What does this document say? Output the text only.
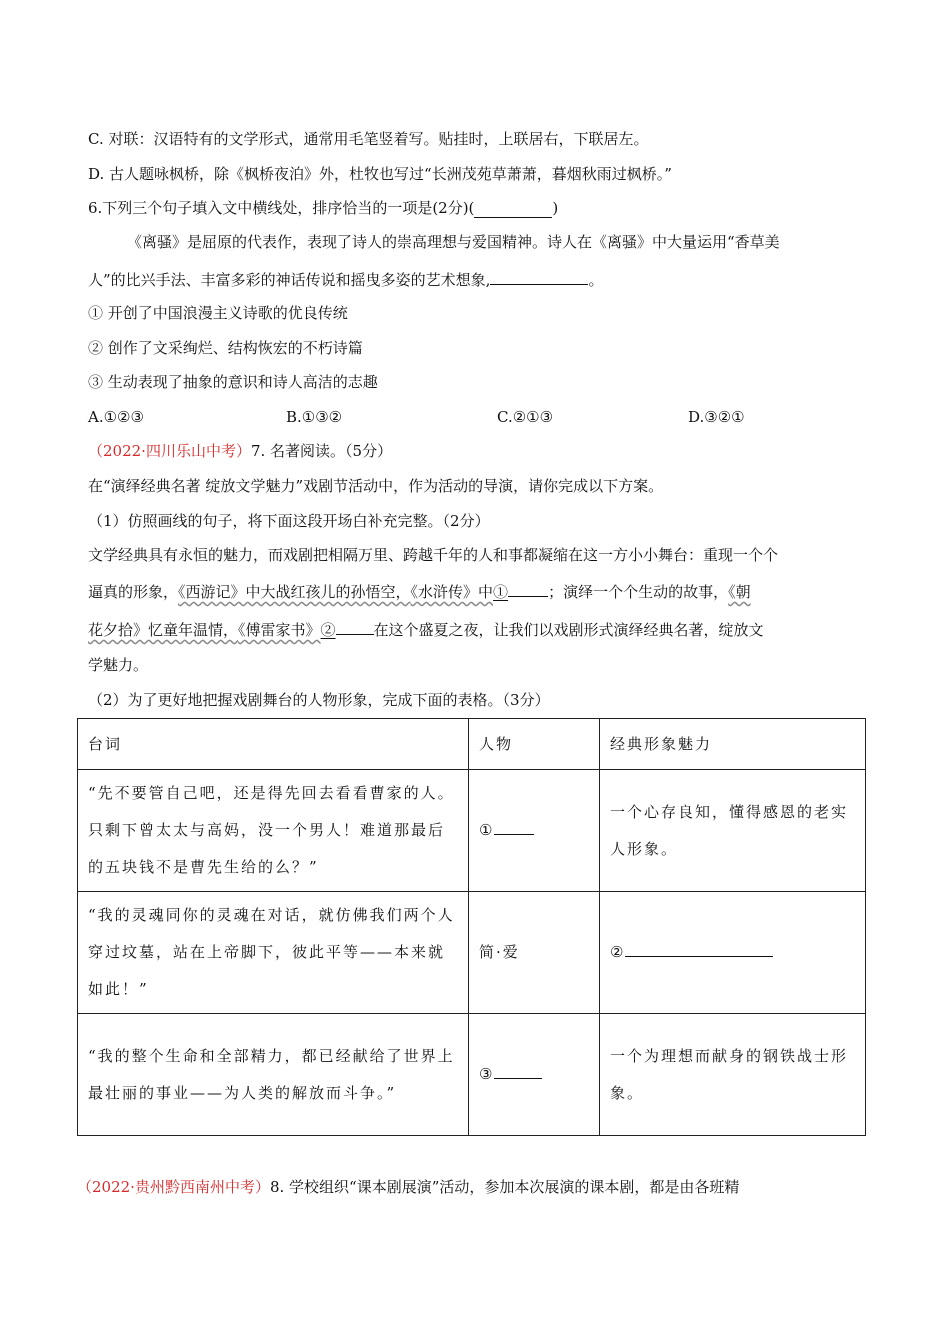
C. 对联：汉语特有的文学形式，通常用毛笔竖着写。贴挂时，上联居右，下联居左。
D. 古人题咏枫桥，除《枫桥夜泊》外，杜牧也写过“长洲茂苑草萧萧，暮烟秋雨过枫桥。”
6.下列三个句子填入文中横线处，排序恰当的一项是(2分)(	)
《离骚》是屈原的代表作，表现了诗人的崇高理想与爱国精神。诗人在《离骚》中大量运用“香草美
人”的比兴手法、丰富多彩的神话传说和摇曳多姿的艺术想象,	。
① 开创了中国浪漫主义诗歌的优良传统
② 创作了文采绚烂、结构恢宏的不朽诗篇
③ 生动表现了抽象的意识和诗人高洁的志趣
A.①②③	B.①③②	C.②①③	D.③②①
（2022·四川乐山中考）7. 名著阅读。（5分）
在“演绎经典名著 绽放文学魅力”戏剧节活动中，作为活动的导演，请你完成以下方案。
（1）仿照画线的句子，将下面这段开场白补充完整。（2分）
文学经典具有永恒的魅力，而戏剧把相隔万里、跨越千年的人和事都凝缩在这一方小小舞台：重现一个个
逼真的形象，《西游记》中大战红孩儿的孙悟空，《水浒传》中①	；演绎一个个生动的故事，《朝
花夕拾》忆童年温情，《傅雷家书》②	在这个盛夏之夜，让我们以戏剧形式演绎经典名著，绽放文
学魅力。
（2）为了更好地把握戏剧舞台的人物形象，完成下面的表格。（3分）
台词	人物	经典形象魅力
“先不要管自己吧，还是得先回去看看曹家的人。只剩下曾太太与高妈，没一个男人！难道那最后的五块钱不是曹先生给的么？”	①	一个心存良知，懂得感恩的老实人形象。
“我的灵魂同你的灵魂在对话，就仿佛我们两个人穿过坟墓，站在上帝脚下，彼此平等——本来就如此！”	简·爱	②
“我的整个生命和全部精力，都已经献给了世界上最壮丽的事业——为人类的解放而斗争。”	③	一个为理想而献身的钢铁战士形象。
（2022·贵州黔西南州中考）8. 学校组织“课本剧展演”活动，参加本次展演的课本剧，都是由各班精
